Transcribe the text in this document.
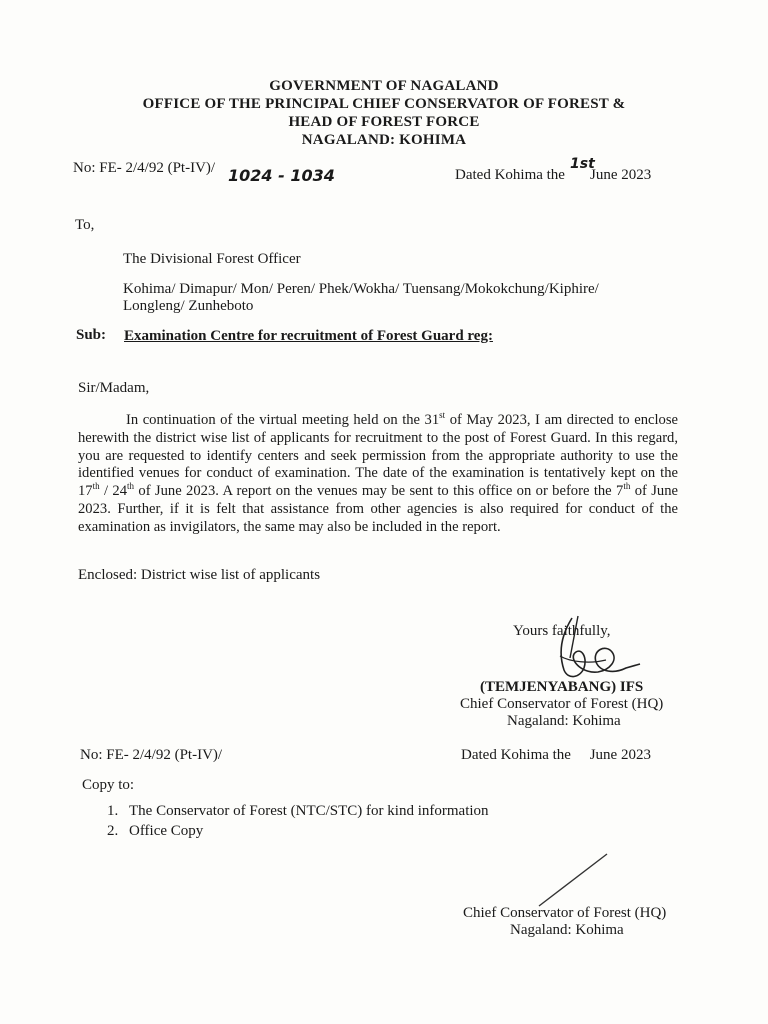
GOVERNMENT OF NAGALAND
OFFICE OF THE PRINCIPAL CHIEF CONSERVATOR OF FOREST &
HEAD OF FOREST FORCE
NAGALAND: KOHIMA
No: FE- 2/4/92 (Pt-IV)/ 1024 - 1034	Dated Kohima the
1st
June 2023
To,
The Divisional Forest Officer
Kohima/ Dimapur/ Mon/ Peren/ Phek/Wokha/ Tuensang/Mokokchung/Kiphire/
Longleng/ Zunheboto
Sub: Examination Centre for recruitment of Forest Guard reg:
Sir/Madam,

In continuation of the virtual meeting held on the 31st of May 2023, I am directed to enclose herewith the district wise list of applicants for recruitment to the post of Forest Guard. In this regard, you are requested to identify centers and seek permission from the appropriate authority to use the identified venues for conduct of examination. The date of the examination is tentatively kept on the 17th / 24th of June 2023. A report on the venues may be sent to this office on or before the 7th of June 2023. Further, if it is felt that assistance from other agencies is also required for conduct of the examination as invigilators, the same may also be included in the report.

Enclosed: District wise list of applicants
Yours faithfully,
(TEMJENYABANG) IFS
Chief Conservator of Forest (HQ)
Nagaland: Kohima
No: FE- 2/4/92 (Pt-IV)/	Dated Kohima the     June 2023
Copy to:
1. The Conservator of Forest (NTC/STC) for kind information
2. Office Copy
Chief Conservator of Forest (HQ)
Nagaland: Kohima
